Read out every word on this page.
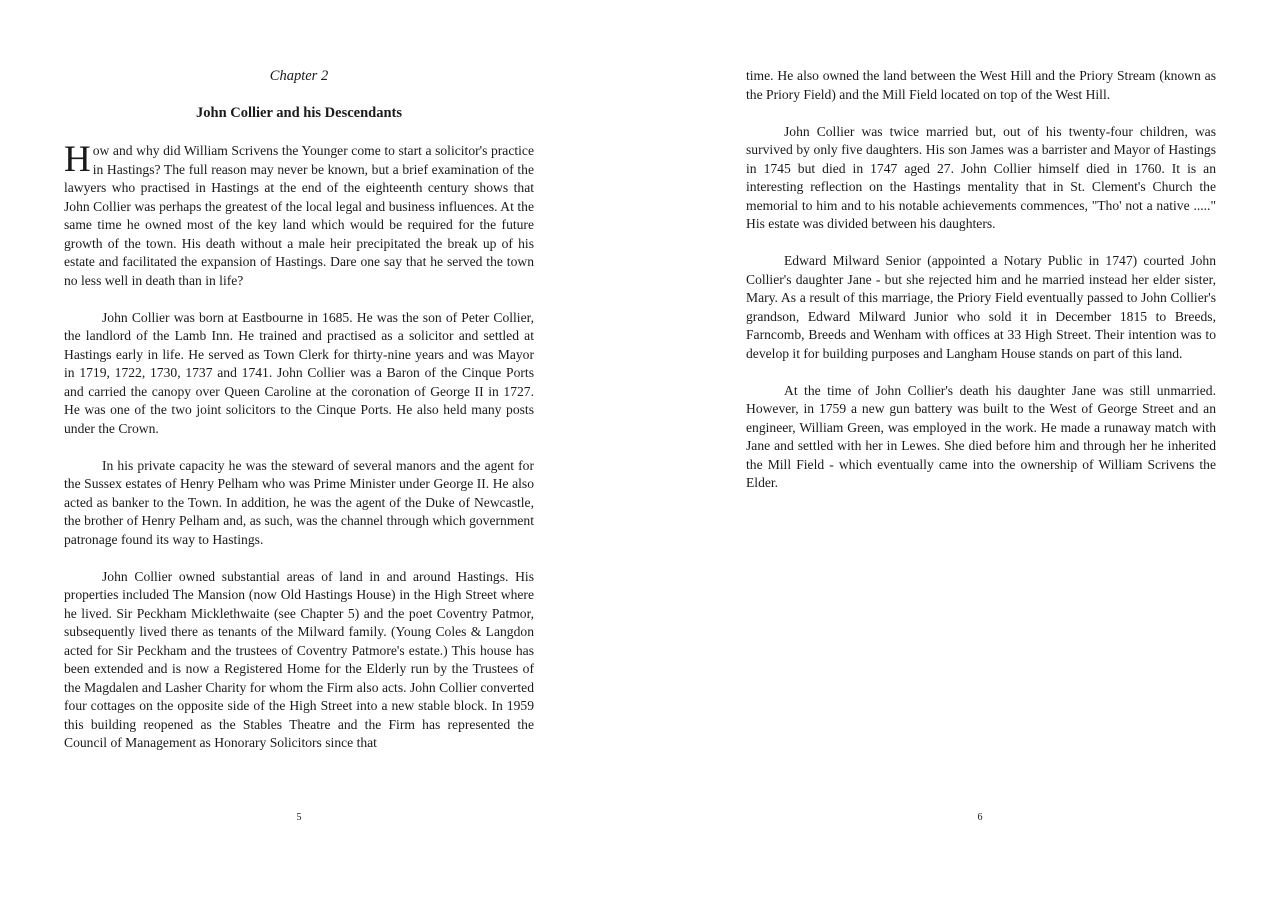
Chapter 2
John Collier and his Descendants

How and why did William Scrivens the Younger come to start a solicitor's practice in Hastings? The full reason may never be known, but a brief examination of the lawyers who practised in Hastings at the end of the eighteenth century shows that John Collier was perhaps the greatest of the local legal and business influences. At the same time he owned most of the key land which would be required for the future growth of the town. His death without a male heir precipitated the break up of his estate and facilitated the expansion of Hastings. Dare one say that he served the town no less well in death than in life?

John Collier was born at Eastbourne in 1685. He was the son of Peter Collier, the landlord of the Lamb Inn. He trained and practised as a solicitor and settled at Hastings early in life. He served as Town Clerk for thirty-nine years and was Mayor in 1719, 1722, 1730, 1737 and 1741. John Collier was a Baron of the Cinque Ports and carried the canopy over Queen Caroline at the coronation of George II in 1727. He was one of the two joint solicitors to the Cinque Ports. He also held many posts under the Crown.

In his private capacity he was the steward of several manors and the agent for the Sussex estates of Henry Pelham who was Prime Minister under George II. He also acted as banker to the Town. In addition, he was the agent of the Duke of Newcastle, the brother of Henry Pelham and, as such, was the channel through which government patronage found its way to Hastings.

John Collier owned substantial areas of land in and around Hastings. His properties included The Mansion (now Old Hastings House) in the High Street where he lived. Sir Peckham Micklethwaite (see Chapter 5) and the poet Coventry Patmor, subsequently lived there as tenants of the Milward family. (Young Coles & Langdon acted for Sir Peckham and the trustees of Coventry Patmore's estate.) This house has been extended and is now a Registered Home for the Elderly run by the Trustees of the Magdalen and Lasher Charity for whom the Firm also acts. John Collier converted four cottages on the opposite side of the High Street into a new stable block. In 1959 this building reopened as the Stables Theatre and the Firm has represented the Council of Management as Honorary Solicitors since that

5

time. He also owned the land between the West Hill and the Priory Stream (known as the Priory Field) and the Mill Field located on top of the West Hill.

John Collier was twice married but, out of his twenty-four children, was survived by only five daughters. His son James was a barrister and Mayor of Hastings in 1745 but died in 1747 aged 27. John Collier himself died in 1760. It is an interesting reflection on the Hastings mentality that in St. Clement's Church the memorial to him and to his notable achievements commences, "Tho' not a native ....." His estate was divided between his daughters.

Edward Milward Senior (appointed a Notary Public in 1747) courted John Collier's daughter Jane - but she rejected him and he married instead her elder sister, Mary. As a result of this marriage, the Priory Field eventually passed to John Collier's grandson, Edward Milward Junior who sold it in December 1815 to Breeds, Farncomb, Breeds and Wenham with offices at 33 High Street. Their intention was to develop it for building purposes and Langham House stands on part of this land.

At the time of John Collier's death his daughter Jane was still unmarried. However, in 1759 a new gun battery was built to the West of George Street and an engineer, William Green, was employed in the work. He made a runaway match with Jane and settled with her in Lewes. She died before him and through her he inherited the Mill Field - which eventually came into the ownership of William Scrivens the Elder.

6
